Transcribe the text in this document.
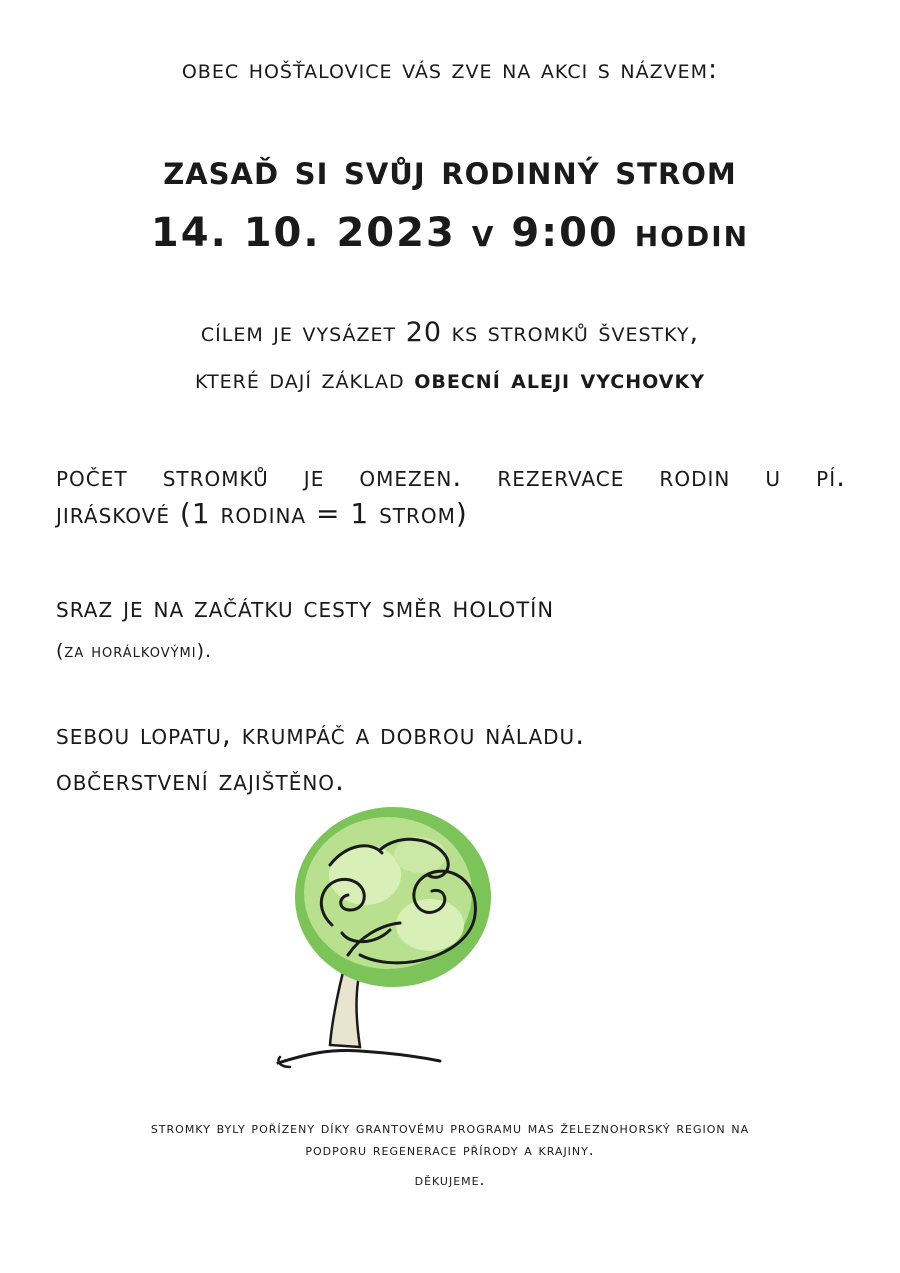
obec hošťalovice vás zve na akci s názvem:
zasaď si svůj rodinný strom
14. 10. 2023 v 9:00 hodin
cílem je vysázet 20 ks stromků švestky,
které dají základ obecní aleji vychovky
počet stromků je omezen. rezervace rodin u pí.
jiráskové (1 rodina = 1 strom)
sraz je na začátku cesty směr holotín
(za horálkovými).
sebou lopatu, krumpáč a dobrou náladu.
občerstvení zajištěno.
stromky byly pořízeny díky grantovému programu mas železnohorský region na
podporu regenerace přírody a krajiny.
děkujeme.
